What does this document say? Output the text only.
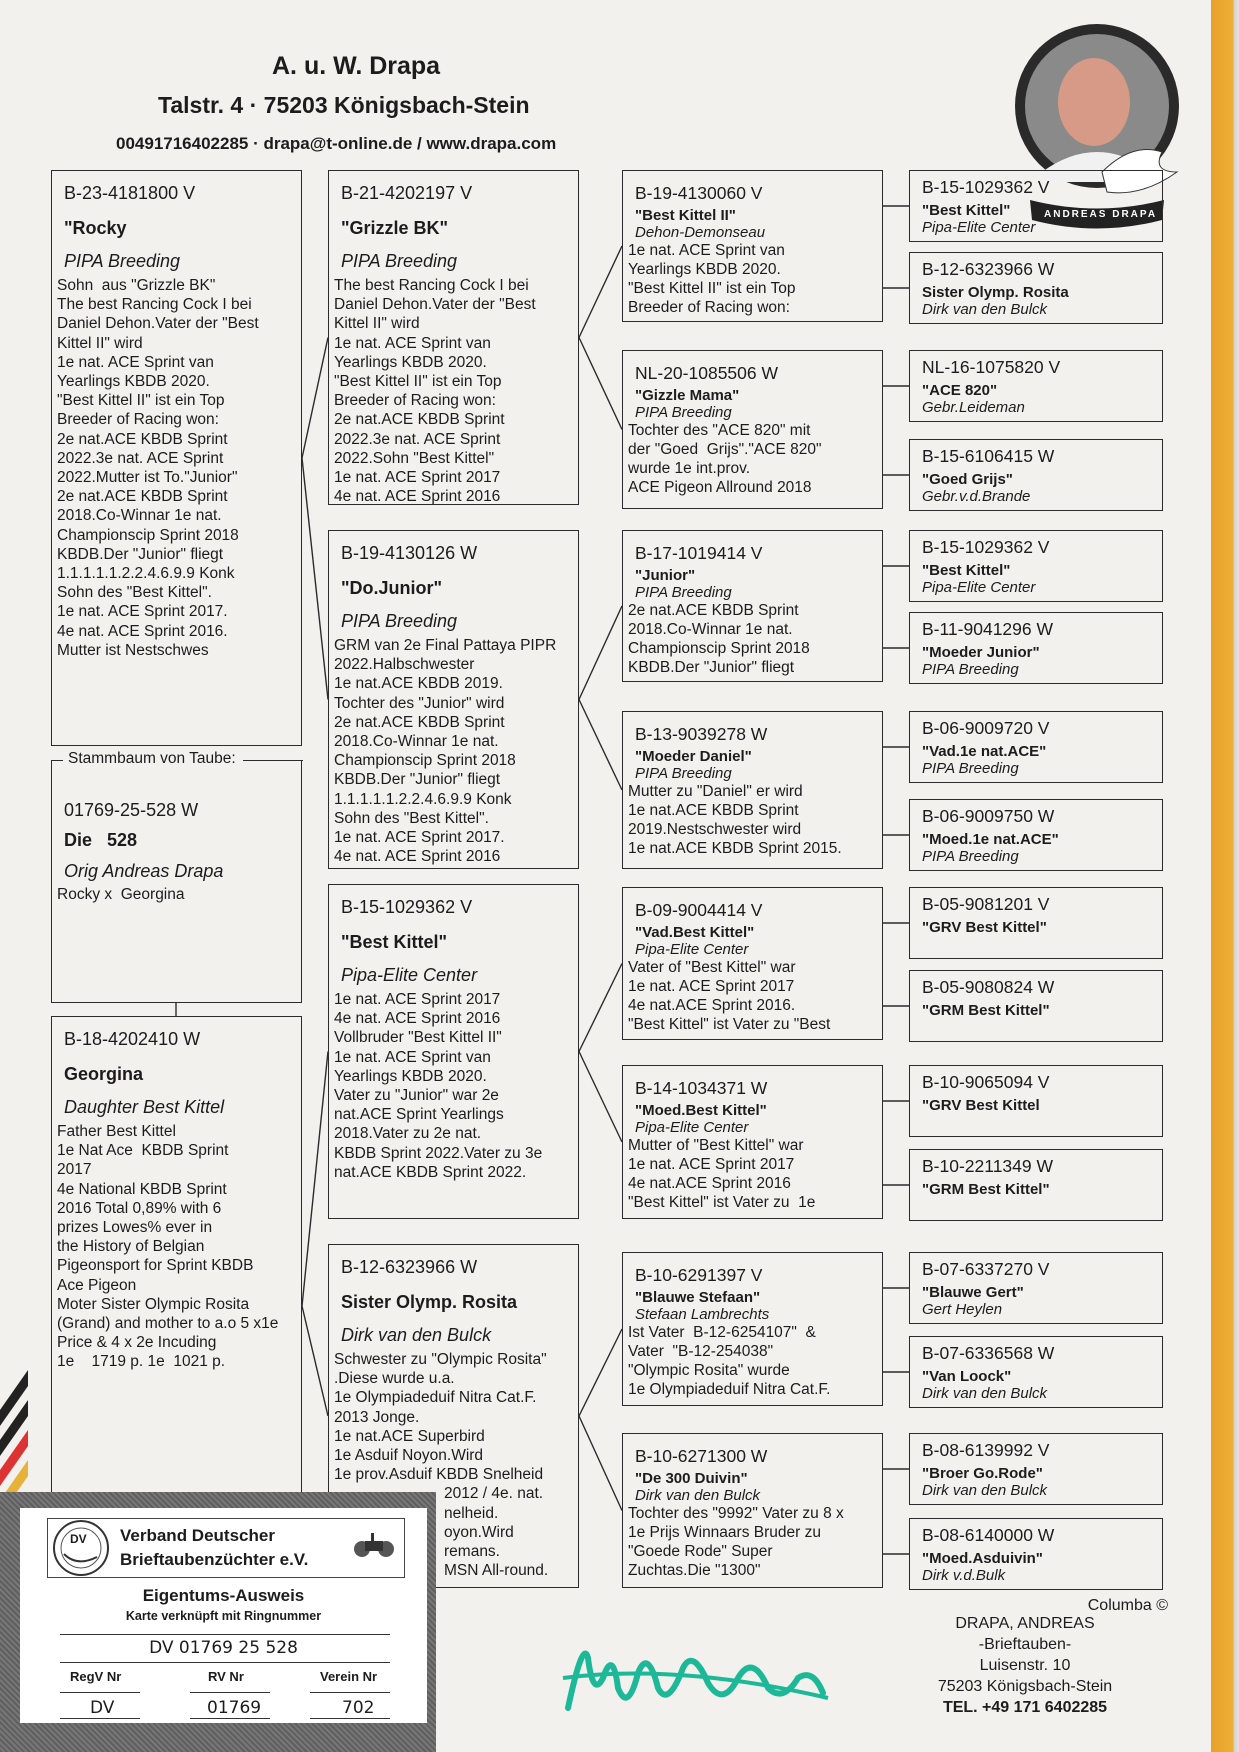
A. u. W. Drapa
Talstr. 4 · 75203 Königsbach-Stein
00491716402285 · drapa@t-online.de / www.drapa.com
ANDREAS DRAPA
B-23-4181800 V
"Rocky
PIPA Breeding
Sohn  aus "Grizzle BK"
The best Rancing Cock I bei
Daniel Dehon.Vater der "Best
Kittel II" wird
1e nat. ACE Sprint van
Yearlings KBDB 2020.
"Best Kittel II" ist ein Top
Breeder of Racing won:
2e nat.ACE KBDB Sprint
2022.3e nat. ACE Sprint
2022.Mutter ist To."Junior"
2e nat.ACE KBDB Sprint
2018.Co-Winnar 1e nat.
Championscip Sprint 2018
KBDB.Der "Junior" fliegt
1.1.1.1.1.2.2.4.6.9.9 Konk
Sohn des "Best Kittel".
1e nat. ACE Sprint 2017.
4e nat. ACE Sprint 2016.
Mutter ist Nestschwes
B-18-4202410 W
Georgina
Daughter Best Kittel
Father Best Kittel
1e Nat Ace  KBDB Sprint
2017
4e National KBDB Sprint
2016 Total 0,89% with 6
prizes Lowes% ever in
the History of Belgian
Pigeonsport for Sprint KBDB
Ace Pigeon
Moter Sister Olympic Rosita
(Grand) and mother to a.o 5 x1e
Price & 4 x 2e Incuding
1e    1719 p. 1e  1021 p.
B-21-4202197 V
"Grizzle BK"
PIPA Breeding
The best Rancing Cock I bei
Daniel Dehon.Vater der "Best
Kittel II" wird
1e nat. ACE Sprint van
Yearlings KBDB 2020.
"Best Kittel II" ist ein Top
Breeder of Racing won:
2e nat.ACE KBDB Sprint
2022.3e nat. ACE Sprint
2022.Sohn "Best Kittel"
1e nat. ACE Sprint 2017
4e nat. ACE Sprint 2016
B-19-4130126 W
"Do.Junior"
PIPA Breeding
GRM van 2e Final Pattaya PIPR
2022.Halbschwester
1e nat.ACE KBDB 2019.
Tochter des "Junior" wird
2e nat.ACE KBDB Sprint
2018.Co-Winnar 1e nat.
Championscip Sprint 2018
KBDB.Der "Junior" fliegt
1.1.1.1.1.2.2.4.6.9.9 Konk
Sohn des "Best Kittel".
1e nat. ACE Sprint 2017.
4e nat. ACE Sprint 2016
B-15-1029362 V
"Best Kittel"
Pipa-Elite Center
1e nat. ACE Sprint 2017
4e nat. ACE Sprint 2016
Vollbruder "Best Kittel II"
1e nat. ACE Sprint van
Yearlings KBDB 2020.
Vater zu "Junior" war 2e
nat.ACE Sprint Yearlings
2018.Vater zu 2e nat.
KBDB Sprint 2022.Vater zu 3e
nat.ACE KBDB Sprint 2022.
B-12-6323966 W
Sister Olymp. Rosita
Dirk van den Bulck
Schwester zu "Olympic Rosita"
.Diese wurde u.a.
1e Olympiadeduif Nitra Cat.F.
2013 Jonge.
1e nat.ACE Superbird
1e Asduif Noyon.Wird
1e prov.Asduif KBDB Snelheid
2012 / 4e. nat.
nelheid.
oyon.Wird
remans.
MSN All-round.
B-19-4130060 V
"Best Kittel II"
Dehon-Demonseau
1e nat. ACE Sprint van
Yearlings KBDB 2020.
"Best Kittel II" ist ein Top
Breeder of Racing won:
NL-20-1085506 W
"Gizzle Mama"
PIPA Breeding
Tochter des "ACE 820" mit
der "Goed  Grijs"."ACE 820"
wurde 1e int.prov.
ACE Pigeon Allround 2018
B-17-1019414 V
"Junior"
PIPA Breeding
2e nat.ACE KBDB Sprint
2018.Co-Winnar 1e nat.
Championscip Sprint 2018
KBDB.Der "Junior" fliegt
B-13-9039278 W
"Moeder Daniel"
PIPA Breeding
Mutter zu "Daniel" er wird
1e nat.ACE KBDB Sprint
2019.Nestschwester wird
1e nat.ACE KBDB Sprint 2015.
B-09-9004414 V
"Vad.Best Kittel"
Pipa-Elite Center
Vater of "Best Kittel" war
1e nat. ACE Sprint 2017
4e nat.ACE Sprint 2016.
"Best Kittel" ist Vater zu "Best
B-14-1034371 W
"Moed.Best Kittel"
Pipa-Elite Center
Mutter of "Best Kittel" war
1e nat. ACE Sprint 2017
4e nat.ACE Sprint 2016
"Best Kittel" ist Vater zu  1e
B-10-6291397 V
"Blauwe Stefaan"
Stefaan Lambrechts
Ist Vater  B-12-6254107"  &
Vater  "B-12-254038"
"Olympic Rosita" wurde
1e Olympiadeduif Nitra Cat.F.
B-10-6271300 W
"De 300 Duivin"
Dirk van den Bulck
Tochter des "9992" Vater zu 8 x
1e Prijs Winnaars Bruder zu
"Goede Rode" Super
Zuchtas.Die "1300"
B-15-1029362 V
"Best Kittel"
Pipa-Elite Center
B-12-6323966 W
Sister Olymp. Rosita
Dirk van den Bulck
NL-16-1075820 V
"ACE 820"
Gebr.Leideman
B-15-6106415 W
"Goed Grijs"
Gebr.v.d.Brande
B-15-1029362 V
"Best Kittel"
Pipa-Elite Center
B-11-9041296 W
"Moeder Junior"
PIPA Breeding
B-06-9009720 V
"Vad.1e nat.ACE"
PIPA Breeding
B-06-9009750 W
"Moed.1e nat.ACE"
PIPA Breeding
B-05-9081201 V
"GRV Best Kittel"
B-05-9080824 W
"GRM Best Kittel"
B-10-9065094 V
"GRV Best Kittel
B-10-2211349 W
"GRM Best Kittel"
B-07-6337270 V
"Blauwe Gert"
Gert Heylen
B-07-6336568 W
"Van Loock"
Dirk van den Bulck
B-08-6139992 V
"Broer Go.Rode"
Dirk van den Bulck
B-08-6140000 W
"Moed.Asduivin"
Dirk v.d.Bulk
Stammbaum von Taube:
01769-25-528 W
Die   528
Orig Andreas Drapa
Rocky x  Georgina
Columba ©
DRAPA, ANDREAS
-Brieftauben-
Luisenstr. 10
75203 Königsbach-Stein
TEL. +49 171 6402285
DV Verband Deutscher
Brieftaubenzüchter e.V.
Eigentums-Ausweis
Karte verknüpft mit Ringnummer
DV 01769 25 528
RegV Nr	RV Nr	Verein Nr
DV	01769	702
